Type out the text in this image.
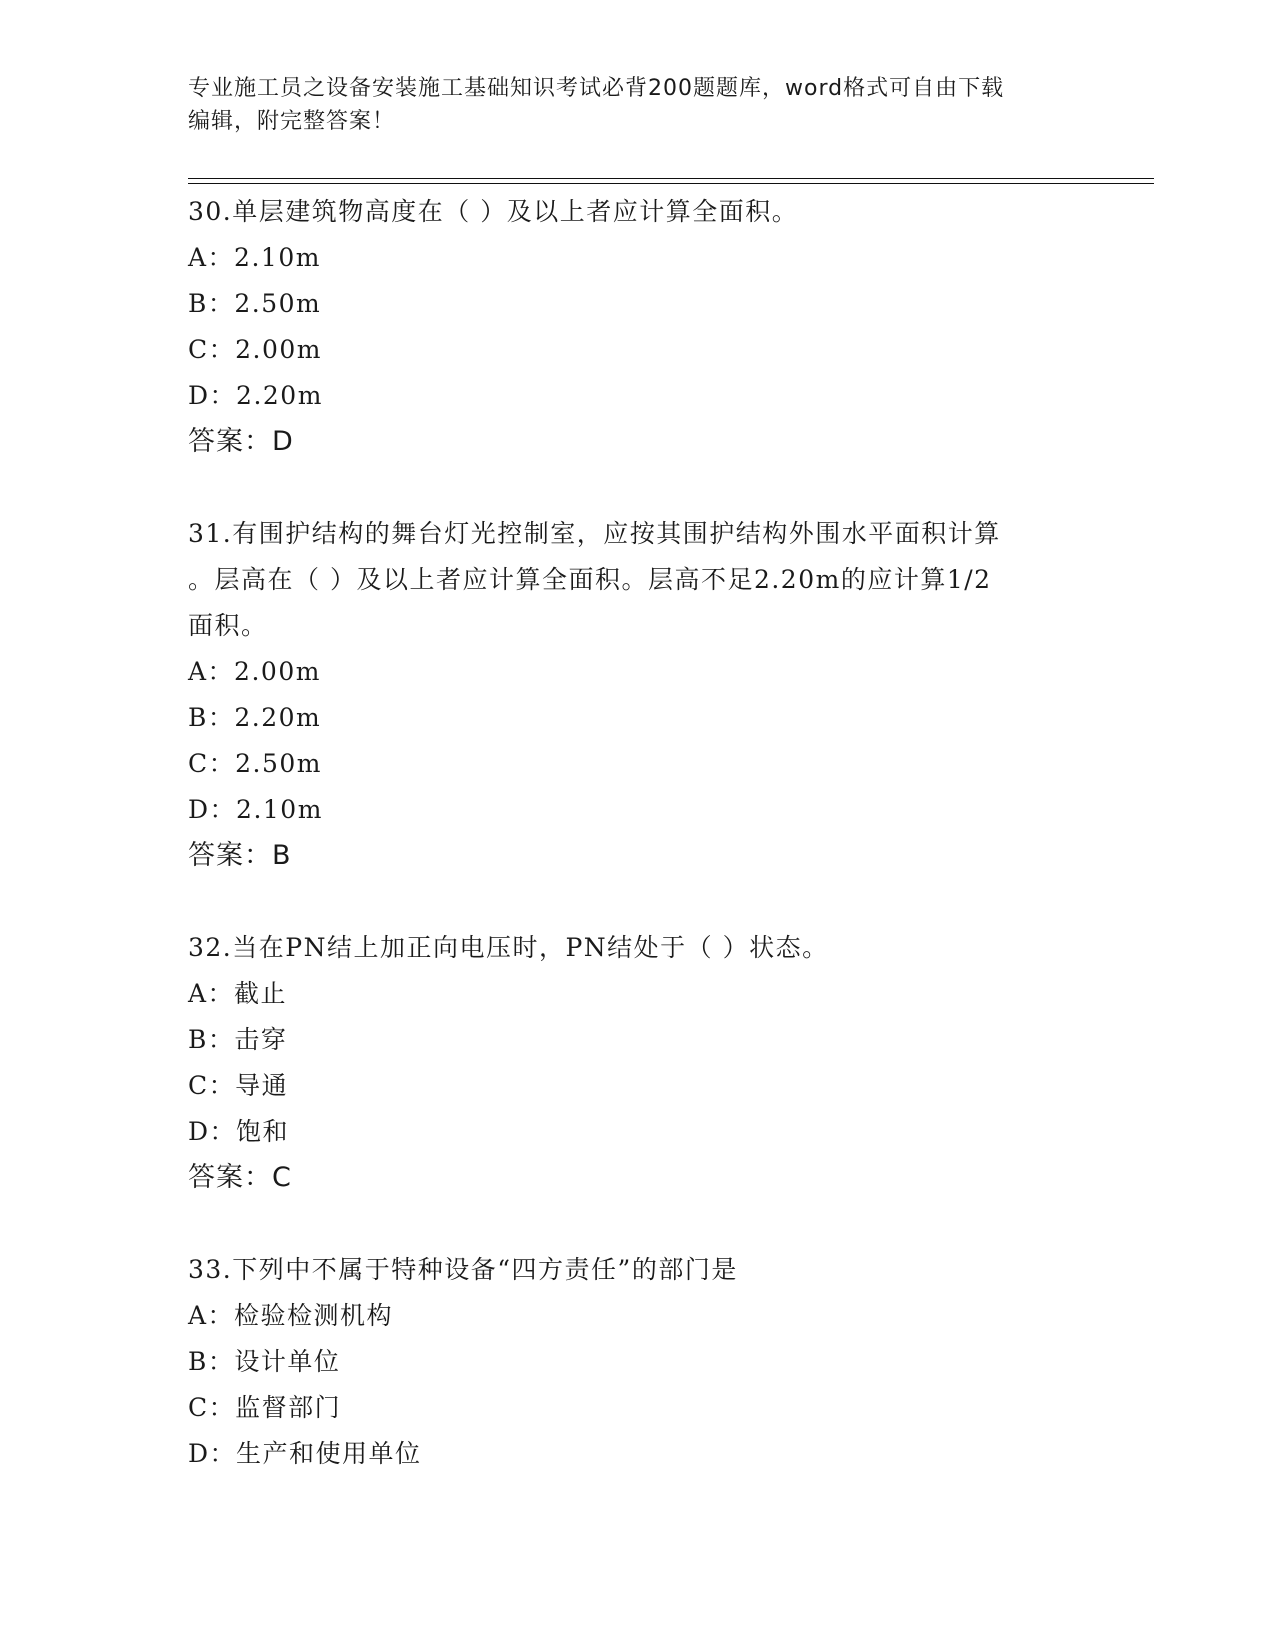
专业施工员之设备安装施工基础知识考试必背200题题库，word格式可自由下载
编辑，附完整答案！
30.单层建筑物高度在（ ）及以上者应计算全面积。
A：2.10m
B：2.50m
C：2.00m
D：2.20m
答案：D
31.有围护结构的舞台灯光控制室，应按其围护结构外围水平面积计算
。层高在（ ）及以上者应计算全面积。层高不足2.20m的应计算1/2
面积。
A：2.00m
B：2.20m
C：2.50m
D：2.10m
答案：B
32.当在PN结上加正向电压时，PN结处于（ ）状态。
A：截止
B：击穿
C：导通
D：饱和
答案：C
33.下列中不属于特种设备“四方责任”的部门是
A：检验检测机构
B：设计单位
C：监督部门
D：生产和使用单位
